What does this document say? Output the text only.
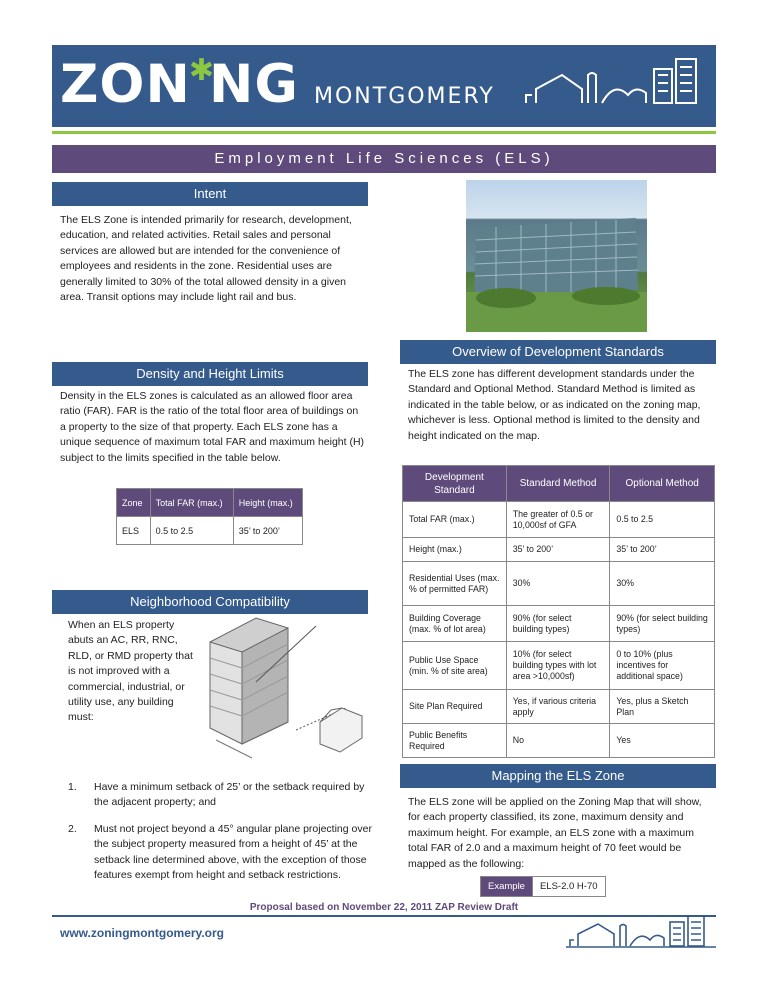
ZON✱NG MONTGOMERY
Employment Life Sciences (ELS)
Intent
The ELS Zone is intended primarily for research, development, education, and related activities. Retail sales and personal services are allowed but are intended for the convenience of employees and residents in the zone. Residential uses are generally limited to 30% of the total allowed density in a given area. Transit options may include light rail and bus.
Density and Height Limits
Density in the ELS zones is calculated as an allowed floor area ratio (FAR). FAR is the ratio of the total floor area of buildings on a property to the size of that property. Each ELS zone has a unique sequence of maximum total FAR and maximum height (H) subject to the limits specified in the table below.
Zone	Total FAR (max.)	Height (max.)
ELS	0.5 to 2.5	35’ to 200’
Neighborhood Compatibility
When an ELS property abuts an AC, RR, RNC, RLD, or RMD property that is not improved with a commercial, industrial, or utility use, any building must:
1. Have a minimum setback of 25’ or the setback required by the adjacent property; and
2. Must not project beyond a 45° angular plane projecting over the subject property measured from a height of 45’ at the setback line determined above, with the exception of those features exempt from height and setback restrictions.
Overview of Development Standards
The ELS zone has different development standards under the Standard and Optional Method. Standard Method is limited as indicated in the table below, or as indicated on the zoning map, whichever is less. Optional method is limited to the density and height indicated on the map.
Development Standard	Standard Method	Optional Method
Total FAR (max.)	The greater of 0.5 or 10,000sf of GFA	0.5 to 2.5
Height (max.)	35’ to 200’	35’ to 200’
Residential Uses (max. % of permitted FAR)	30%	30%
Building Coverage (max. % of lot area)	90% (for select building types)	90% (for select building types)
Public Use Space (min. % of site area)	10% (for select building types with lot area >10,000sf)	0 to 10% (plus incentives for additional space)
Site Plan Required	Yes, if various criteria apply	Yes, plus a Sketch Plan
Public Benefits Required	No	Yes
Mapping the ELS Zone
The ELS zone will be applied on the Zoning Map that will show, for each property classified, its zone, maximum density and maximum height. For example, an ELS zone with a maximum total FAR of 2.0 and a maximum height of 70 feet would be mapped as the following:
Example	ELS-2.0 H-70
Proposal based on November 22, 2011 ZAP Review Draft
www.zoningmontgomery.org
